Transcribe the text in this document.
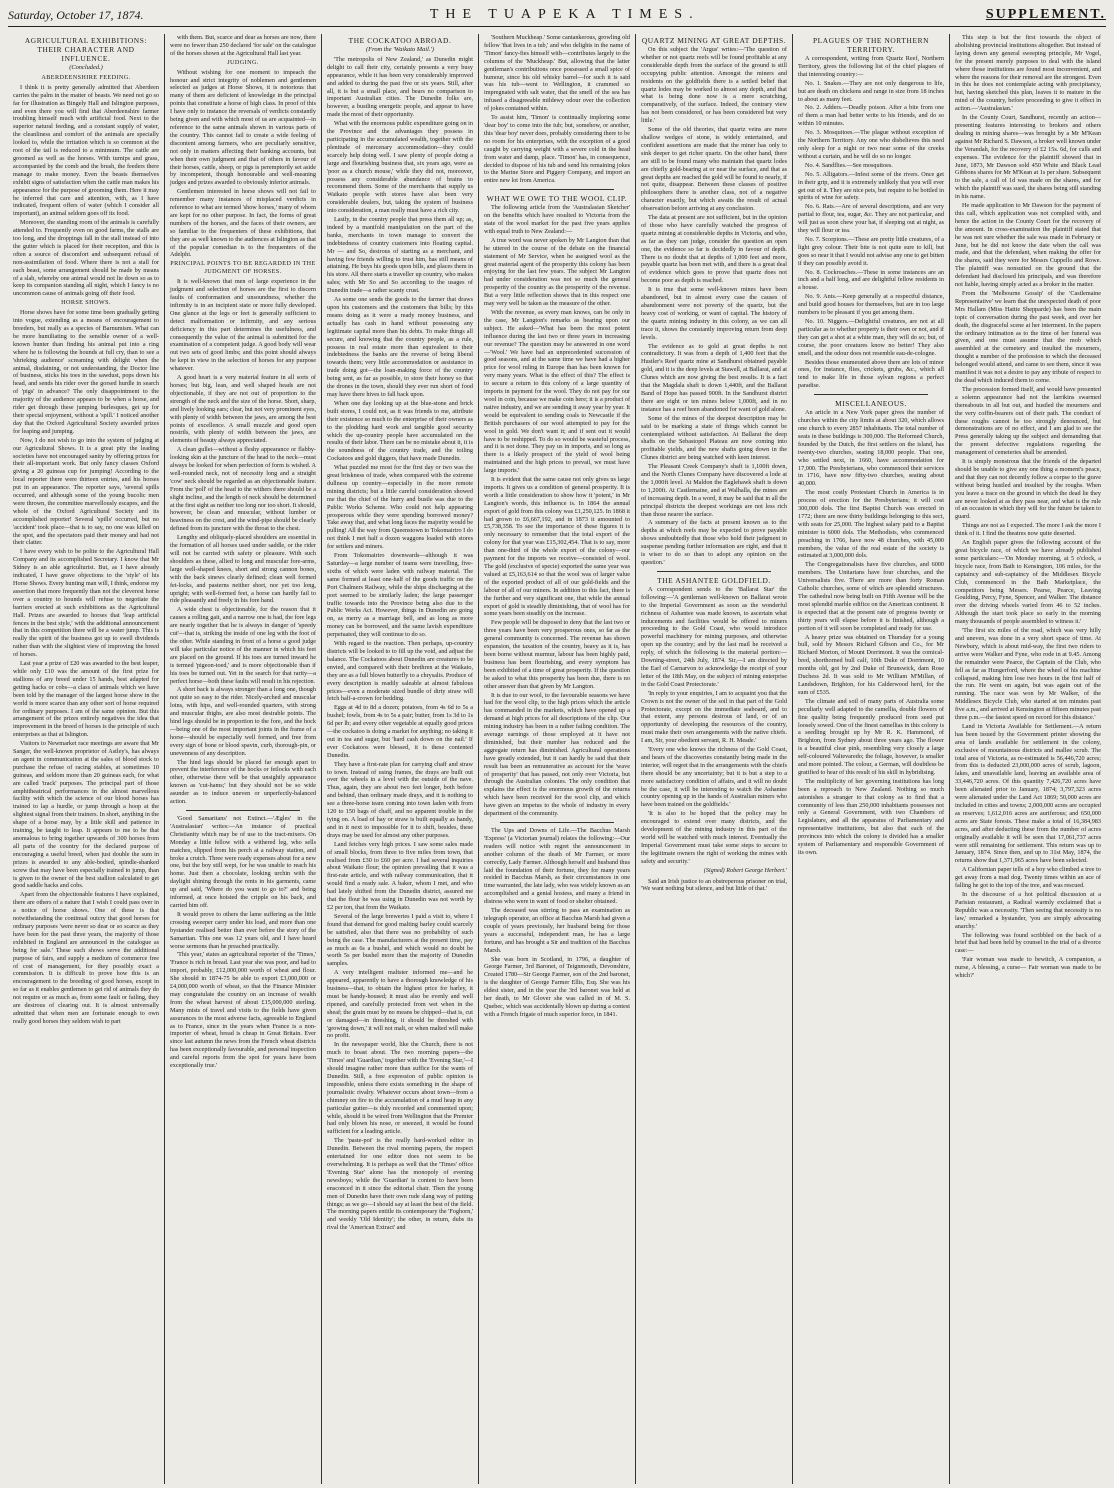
Saturday, October 17, 1874.	THE TUAPEKA TIMES.	SUPPLEMENT.
AGRICULTURAL EXHIBITIONS: THEIR CHARACTER AND INFLUENCE.
(Concluded.)
ABERDEENSHIRE FEEDING.

I think it is pretty generally admitted that Aberdeen carries the palm in the matter of beasts. We need not go so far for illustration as Bingely Hall and Islington purposes, and even there you will find that Aberdeenshire farmer troubling himself much with artificial food. Next to the superior natural feeding, and a constant supply of water, the cleanliness and comfort of the animals are specially looked to, while the irritation which is so common at the root of the tail is reduced to a minimum. The cattle are groomed as well as the horses. With turnips and grass, accompanied by the comb and the brush, the feeders there manage to make money. Even the beasts themselves exhibit signs of satisfaction when the cattle man makes his appearance for the purpose of grooming them. Here it may be inferred that care and attention, with, as I have indicated, frequent offers of water (which I consider all important), an animal seldom goes off its food.

Moreover, the standing room of the animals is carefully attended to. Frequently even on good farms, the stalls are too long, and the droppings fall in the stall instead of into the gutter which is placed for their reception, and this is often a source of discomfort and subsequent refusal of non-assimilation of food. Where there is not a stall for each beast, some arrangement should be made by means of a slab, whereby one animal would not lie down so as to keep its companion standing all night, which I fancy is no uncommon cause of animals going off their food.

HORSE SHOWS.

Horse shows have for some time been gradually getting into vogue, extending as a means of encouragement to breeders, but really as a species of Barnumism. What can be more humiliating to the sensible owner of a well-known hunter than finding his animal put into a ring where he is following the hounds at full cry, than to see a 'shrieking audience' screaming with delight when the animal, disdaining, or not understanding, the Doctor line of business, sticks his toes in the sawdust, pops down his head, and sends his rider over the gorsed hurdle in search of 'pigs' in advance? The only disappointment to the majority of the audience appears to be when a horse, and rider get through these jumping burlesques, get up for their special enjoyment, without a 'spill.' I noticed another day that the Oxford Agricultural Society awarded prizes for leaping and jumping.

Now, I do not wish to go into the system of judging at our Agricultural Shows. It is a great pity the leading societies have not encouraged sanity by offering prizes for their all-important work. But only fancy classes Oxford giving a 20 guineas cup for jumping! According to the local reporter there were thirteen entries, and his horses put in an appearance. The reporter says, 'several spills occurred, and although some of the young bucolic men were thrown, the committee marvellously escapes, and the whole of the Oxford Agricultural Society and its accomplished reporter! Several 'spills' occurred, but no 'accident' took place—that is to say, no one was killed on the spot, and the spectators paid their money and had not their clatter.

I have every wish to be polite to the Agricultural Hall Company and its accomplished Secretary. I know that Mr Sidney is an able agriculturist. But, as I have already indicated, I have grave objections to the 'style' of his Horse Shows. Every hunting man will, I think, endorse my assertion that more frequently than not the cleverest horse over a country to hounds will refuse to negotiate the barriers erected at such exhibitions as the Agricultural Hall. Prizes are awarded to horses that 'leap artificial fences in the best style,' with the additional announcement that in this competition there will be a water jump. This is really the spirit of the business got up to swell dividends rather than with the slightest view of improving the breed of horses.

Last year a prize of £20 was awarded to the best leaper, while only £10 was the amount of the first prize for stallions of any breed under 15 hands, best adapted for getting hacks or cobs—a class of animals which we have been told by the manager of the largest horse show in the world is more scarce than any other sort of horse required for ordinary purposes. I am of the same opinion. But this arrangement of the prizes entirely negatives the idea that improvement in the breed of horses is the principle of such enterprises as that at Islington.

Visitors to Newmarket race meetings are aware that Mr Sanger, the well-known proprietor of Astley's, has always an agent in communication at the sales of blood stock to purchase the refuse of racing stables, at sometimes 10 guineas, and seldom more than 20 guineas each, for what are called 'track' purposes. The principal part of those amphitheatrical performances in the almost marvellous facility with which the science of our blood horses has trained to lap a hurdle, or jump through a hoop at the slightest signal from their trainers. In short, anything in the shape of a horse may, by a little skill and patience in training, be taught to leap. It appears to me to be that anomalous to bring together upwards of 300 horses from all parts of the country for the declared purpose of encouraging a useful breed, when just double the sum in prizes is awarded to any able-bodied, spindle-shanked screw that may have been especially trained to jump, than is given to the owner of the best stallion calculated to get good saddle hacks and cobs.

Apart from the objectionable features I have explained, there are others of a nature that I wish I could pass over in a notice of horse shows. One of these is that notwithstanding the continual outcry that good horses for ordinary purposes 'were never so dear or so scarce as they have been for the past three years, the majority of those exhibited in England are announced in the catalogue as being for sale.' These such shows serve the additional purpose of fairs, and supply a medium of commerce free of cost of management, for they possibly exact a commission. It is difficult to prove how this is an encouragement to the breeding of good horses, except in so far as it enables gentlemen to get rid of animals they do not require or as much as, from some fault or failing, they are desirous of clearing out. It is almost universally admitted that when men are fortunate enough to own really good horses they seldom wish to part

with them. But, scarce and dear as horses are now, there were no fewer than 250 declared 'for sale' on the catalogue of the horses shown at the Agricultural Hall last year.

JUDGING.

Without wishing for one moment to impeach the honour and strict integrity of noblemen and gentlemen selected as judges at Horse Shows, it is notorious that many of them are deficient of knowledge in the principal points that constitute a horse of high class. In proof of this I have only to instance the reversals of verdicts constantly being given and with which most of us are acquainted—in reference to the same animals shown in various parts of the country. This cannot fail to create a wide feeling of discontent among farmers, who are peculiarly sensitive, not only in matters affecting their banking accounts, but when their own judgment and that of others in favour of their horses, cattle, sheep, or pigs is peremptorily set aside by incompetent, though honourable and well-meaning judges and prizes awarded to obviously inferior animals.

Gentlemen interested in horse shows will not fail to remember many instances of misplaced verdicts in reference to what are termed 'show horses,' many of whom are kept for no other purpose. In fact, the forms of great numbers of the horses, and the faces of their owners, are so familiar to the frequenters of these exhibitions, that they are as well known to the audiences at Islington as that of the popular comedian is to the frequenters of the Adelphi.

PRINCIPAL POINTS TO BE REGARDED IN THE JUDGMENT OF HORSES.

It is well-known that men of large experience in the judgment and selection of horses are the first to discern faults of conformation and unsoundness, whether the infirmity is in an incipient state or more fully developed. One glance at the legs or feet is generally sufficient to detect malformation or infirmity, and any serious deficiency in this part determines the usefulness, and consequently the value of the animal is submitted for the examination of a competent judge. A good body will wear out two sets of good limbs; and this point should always be kept in view in the selection of horses for any purpose whatever.

A good heart is a very material feature in all sorts of horses; but big, lean, and well shaped heads are not objectionable, if they are not out of proportion to the strength of the neck and the size of the horse. Short, sharp, and lively looking ears; clear, but not very prominent eyes, with plenty of width between the jaws, are among the best points of excellence. A small muzzle and good open nostrils, with plenty of width between the jaws, are elements of beauty always appreciated.

A clean gullet—without a fleshy appearance or flabby-looking skin at the juncture of the head to the neck—must always be looked for when perfection of form is wished. A well-rounded neck, not of necessity long and a straight 'cow' neck should be regarded as an objectionable feature. From the 'poll' of the head to the withers there should be a slight incline, and the length of neck should be determined at the first sight as neither too long nor too short. It should, however, be clean and muscular, without lumber or heaviness on the crest, and the wind-pipe should be clearly defined from its juncture with the throat to the chest.

Lengthy and obliquely-placed shoulders are essential in the formation of all horses used under saddle, or the rider will not be carried with safety or pleasure. With such shoulders as these, allied to long and muscular fore-arms, large well-shaped knees, short and strong cannon bones, with the back sinews clearly defined; clean well formed fet-locks, and pasterns neither short, nor yet too long, upright; with well-formed feet, a horse can hardly fail to ride pleasantly and freely in his fore hand.

A wide chest is objectionable, for the reason that it causes a rolling gait, and a narrow one is bad, the fore legs are nearly together that he is always in danger of 'speedy cut'—that is, striking the inside of one leg with the foot of the other. While standing in front of a horse a good judge will take particular notice of the manner in which his feet are placed on the ground. If his toes are turned inward he is termed 'pigeon-toed,' and is more objectionable than if his toes be turned out. Yet in the search for that rarity—a perfect horse—both these faults will result in his rejection.

A short back is always stronger than a long one, though not quite so easy to the rider. Nicely-arched and muscular loins, with hips, and well-rounded quarters, with strong and muscular thighs, are also most desirable points. The hind legs should be in proportion to the fore, and the hock—being one of the most important joints in the frame of a horse—should be especially well formed, and free from every sign of bone or blood spavin, curb, thorough-pin, or unevenness of any description.

The hind legs should be placed far enough apart to prevent the interference of the hocks or fetlocks with each other, otherwise there will be that unsightly appearance known as 'cut-hams;' but they should not be so wide asunder as to induce uneven or unperfectly-balanced action.

'Good Samaritans' not Extinct.—'Ægles' in the 'Australasian' writes:—An instance of practical Christianity which may be of use to the tract-mixers. On Monday a little fellow with a withered leg, who sells matches, slipped from his perch at a railway station, and broke a crutch. Three were ready expenses about for a new one, but the boy still wept, for he was unable to reach his home. Just then a chocolate, looking urchin with the daylight shining through the rents in his garments, came up and said, 'Where do you want to go to?' and being informed, at once hoisted the cripple on his back, and carried him off.

It would prove to others the lame suffering as the little crossing sweeper carry under his load, and more than one bystander realised better than ever before the story of the Samaritan. This one was 12 years old, and I have heard worse sermons than he preached practically.

'This year,' states an agricultural reporter of the 'Times,' 'France is rich in bread. Last year she was poor, and had to import, probably, £12,000,000 worth of wheat and flour. She should in 1874-75 be able to export £3,000,000 or £4,000,000 worth of wheat, so that the Finance Minister may congratulate the country on an increase of wealth from the wheat harvest of about £15,000,000 sterling. Many mists of travel and visits to the fields have given assurances to the most adverse facts, agreeable to England as to France, since in the years when France is a non-importer of wheat, bread is cheap in Great Britain. Ever since last autumn the news from the French wheat districts has been exceptionally favourable, and personal inspection and careful reports from the spot for years have been exceptionally true.'

THE COCKATOO ABROAD.
(From the 'Waikato Mail.')

'The metropolis of New Zealand,' as Dunedin might delight to call their city, certainly presents a very busy appearance, while it has been very considerably improved and added to during the past five or six years. Still, after all, it is but a small place, and bears no comparison to important Australian cities. The Dunedin folks are, however, a bustling energetic people, and appear to have made the most of their opportunity.

What with the enormous public expenditure going on in the Province and the advantages they possess in participating in the accumulated wealth, together with the plenitude of mercenary accommodation—they could scarcely help doing well. I saw plenty of people doing a large and flourishing business that, six years ago, were as 'poor as a church mouse,' while they did not, moreover, possess any considerable abundance of brains to recommend them. Some of the merchants that supply us Waikato people with stores have also been very considerable dealers, but, taking the system of business into consideration, a man really must have a rich city.

Lastly, in the country people that press them all up; as, indeed by a manifold manipulation on the part of the banks, merchants in town manage to convert the indebtedness of country customers into floating capital. Mr — and So, desirous of starting as a merchant, and having few friends willing to trust him, has still means of attaining. He buys his goods upon bills, and places them in his store. All there starts a traveller up country, who makes sales; with Mr So and So according to the usages of Dunedin trade—a rather scanty crust.

As some one sends the goods to the farmer that draws upon his customers and the customers that bills; by this means doing as it were a ready money business, and actually has cash in hand without possessing any legitimate capital more than his debts. To make things all secure, and knowing that the country people, as a rule, possess in real estate more than equivalent to their indebtedness the banks are the reverse of being liberal towards them; very little accommodation or assistance in trade doing got—the loan-making force of the country being sent, as far as possible, to store their honey so that the drones in the town, should they ever run short of food may have there hives to fall back upon.

When one day looking up at the blue-stone and brick built stores, I could not, as it was friends to me, attribute their existence so much to the enterprise of their owners as to the plodding hard work and tangible good security which the up-country people have accumulated on the results of their labor. There can be no mistake about it, it is the soundness of the country trade, and the toiling Cockatoos and gold diggers, that have made Dunedin.

What puzzled me most for the first day or two was the great briskness of trade, when compared with the extreme dullness up country—especially in the more remote mining districts; but a little careful consideration showed me that the chief of the hurry and bustle was due to the Public Works Scheme. Who could not help appearing prosperous while they were spending borrowed money? Take away that, and what long faces the majority would be pulling! All the way from Queenstown to Tokomairiro I do not think I met half a dozen waggons loaded with stores for settlers and miners.

From Tokomairiro downwards—although it was Saturday—a large number of teams were travelling, five-sixths of which were laden with railway material. The same formed at least one-half of the goods traffic on the Port Chalmers Railway, while the ships discharging at the port seemed to be similarly laden; the large passenger traffic towards into the Province being also due to the Public Works Act. However, things in Dunedin are going on, as merry as a marriage bell, and as long as more money can be borrowed, and the same lavish expenditure perpetuated, they will continue to do so.

With regard to the reaction. Then perhaps, up-country districts will be looked to to fill up the void, and adjust the balance. The Cockatoos about Dunedin are creatures to be envied, and compared with their brethren at the Waikato, they are as a full blown butterfly to a chrysalis. Produce of every description is readily saleable at almost fabulous prices—even a moderate sized bundle of dirty straw will fetch half-a-crown for bedding.

Eggs at 4d to 8d a dozen; potatoes, from 4s 6d to 5s a bushel; fowls, from 4s to 5s a pair; butter, from 1s 3d to 1s 6d per lb; and every other vegetable at equally good prices—the cockatoo is doing a market for anything; no taking it out in tea and sugar, but 'hard cash down on the nail.' If ever Cockatoos were blessed, it is these contented Dunedin.

They have a first-rate plan for carrying chaff and straw to town. Instead of using frames, the drays are built out over the wheels in a level with the outside of the nave. Thus, again, they are about two feet longer, both before and behind, than ordinary made drays, and it is nothing to see a three-horse team coming into town laden with from 120 to 150 bags of chaff, and no apparent trouble in the tying on. A load of hay or straw is built equally as handy, and in it next to impossible for it to shift, besides, these drays may be used for almost any other purposes.

Land fetches very high prices. I saw some sales made of small blocks, from three to five miles from town, that realised from £30 to £60 per acre. I had several inquiries about Waikato flour; the opinion prevailing that it was a first-rate article, and with railway communication, that it would find a ready sale. A baker, whom I met, and who had lately shifted from the Dunedin district, assured me that the flour he was using in Dunedin was not worth by £2 per ton, that from the Waikato.

Several of the large breweries I paid a visit to, where I found that demand for good malting barley could scarcely be satisfied, also that there was no probability of such being the case. The manufacturers at the present time, pay as much as 6s a bushel, and which would no doubt be worth 5s per bushel more than the majority of Dunedin samples.

A very intelligent maltster informed me—and he appeared, apparently to have a thorough knowledge of his business—that, to obtain the highest price for barley, it must be handy-housed; it must also be evenly and well ripened, and carefully protected from wet when in the sheaf; the grain must by no means be chipped—that is, cut or damaged—in threshing, it should be threshed with 'growing down,' it will not malt, or when malted will make no profit.

In the newspaper world, like the Church, there is not much to boast about. The two morning papers—the 'Times' and 'Guardian,' together with the 'Evening Star,'—I should imagine rather more than suffice for the wants of Dunedin. Still, a free expression of public opinion is impossible, unless there exists something in the shape of journalistic rivalry. Whatever occurs about town—from a chimney on fire to the accumulation of a mud heap in any particular gutter—is duly recorded and commented upon; while, should it be wired from Wellington that the Premier had only blown his nose, or sneezed, it would be found sufficient for a leading article.

The 'paste-pot' is the really hard-worked editor in Dunedin. Between the rival morning papers, the respect entertained for one editor does not seem to be overwhelming. It is perhaps as well that the 'Times' office 'Evening Star' alone has the monopoly of evening newsboys; while the 'Guardian' is content to have been ensconced in it since the editorial chair. Then the young men of Dunedin have their own rude slang way of putting things; as we go—I should say at least the best of the field. The morning papers entitle its contemporary the 'Foghorn,' and weekly 'Old Identity'; the other, in return, dubs its rival the 'American Extract' and

'Southern Muckheap.' Some cantankerous, growling old fellow 'that lives in a tub,' and who delights in the name of 'Timon' fancy-fies himself with—contributes largely to the columns of the 'Muckheap.' But, allowing that the latter gentleman's contributions once possessed a small spice of humour, since his old whisky barrel—for such it is said was his tub—went to Wellington, it crammed so impregnated with salt water, that the smell of the sea has infused a disagreeable mildewy odour over the collection of jokes contained within.

To assist him, 'Timon' is continually imploring some 'dear boy' to come into the tub; but, somehow, or another, this 'dear boy' never does, probably considering there to be no room for his enterprises, with the exception of a good caught by carrying weight with a severe cold in the head from water and damp, place. 'Timon' has, in consequence, decided to dispose of his tub and send his remaining jokes to the Marine Store and Piggery Company, and import an entire new lot from America.

WHAT WE OWE TO THE WOOL CLIP.

The following article from the 'Australasian Sketcher' on the benefits which have resulted to Victoria from the state of the wool market for the past five years applies with equal truth to New Zealand:—

A true word was never spoken by Mr Langton than that he uttered in the course of the debate on the financial statement of Mr Service, when he assigned wool as the great material agent of the prosperity this colony has been enjoying for the last few years. The subject Mr Langton had under consideration was not so much the general prosperity of the country as the prosperity of the revenue. But a very little reflection shows that in this respect one may very well be taken as the measure of the other.

With the revenue, as every man knows, can be only in the case, Mr Langton's remarks as bearing upon our subject. He asked—'What has been the most potent influence during the last two or three years in increasing our revenue? The question may be answered in one word—'Wool.' We have had an unprecedented succession of good seasons, and at the same time we have had a higher price for wool ruling in Europe than has been known for very many years. What is the effect of this? The effect is to secure a return to this colony of a large quantity of imports in payment for the wool. They do not pay for our wool in coin, because we make coin here; it is a product of native industry, and we are sending it away year by year. It would be equivalent to sending coals to Newcastle if the British purchasers of our wool attempted to pay for the wool in gold. We don't want it; and if sent out it would have to be reshipped. To do so would be wasteful process, and it is not done. They pay us in imports, and so long as there is a likely prospect of the yield of wool being maintained and the high prices to prevail, we must have large imports.'

It is evident that the same cause not only gives us large imports. It gives us a condition of general prosperity. It is worth a little consideration to show how it 'potent,' in Mr Langton's words, this influence is. In 1864 the annual export of gold from this colony was £1,250,125. In 1868 it had grown to £6,667,192, and in 1873 it amounted to £5,738,358. To see the importance of these figures it is only necessary to remember that the total export of the colony for that year was £15,302,454. That is to say, more than one-third of the whole export of the colony—our payment for the imports we receive—consisted of wool. The gold (exclusive of specie) exported the same year was valued at £5,163,614 so that the wool was of larger value of the exported product of all of our gold-fields and the labour of all of our miners. In addition to this fact, there is the further and very significant one, that while the annual export of gold is steadily diminishing, that of wool has for some years been steadily on the increase.

Few people will be disposed to deny that the last two or three years have been very prosperous ones, so far as the general community is concerned. The revenue has shown expansion, the taxation of the country, heavy as it is, has been borne without murmur, labour has been highly paid, business has been flourishing, and every symptom has been exhibited of a time of great prosperity. If the question be asked to what this prosperity has been due, there is no other answer than that given by Mr Langton.

It is due to our wool, to the favourable seasons we have had for the wool clip, to the high prices which the article has commanded in the markets, which have opened up a demand at high prices for all descriptions of the clip. Our mining industry has been in a rather failing condition. The average earnings of those employed at it have not diminished, but their number has reduced and the aggregate return has diminished. Agricultural operations have greatly extended, but it can hardly be said that their result has been an remunerative as account for the 'wave of prosperity' that has passed, not only over Victoria, but through the Australian colonies. The only condition that explains the effect is the enormous growth of the returns which have been received for the wool clip, and which have given an impetus to the whole of industry in every department of the community.

The Ups and Downs of Life.—The Bacchus Marsh 'Express' (a Victorian journal) relates the following:—Our readers will notice with regret the announcement in another column of the death of Mr Farmer, or more correctly, Lady Farmer. Although herself and husband thus laid the foundation of their fortune, they for many years resided in Bacchus Marsh, as their circumstances in one time warranted, the late lady, who was widely known as an accomplished and a genial hostess, and many a friend in distress who were in want of food or shelter obtained.

The deceased was stirring to pass an examination as telegraph operator, an office at Bacchus Marsh had given a couple of years previously, her husband being for those years a successful, independent man, he has a large fortune, and has brought a Sir and tradition of the Bacchus Marsh.

She was born in Scotland, in 1796, a daughter of George Farmer, 3rd Baronet, of Teignmouth, Devonshire, Created 1780—Sir George Farmer, son of the 2nd baronet, is the daughter of George Farmer Ellis, Esq. She was his eldest sister, and in the year the 3rd baronet was held at her death, to Mr Glover she was called in of M. S. Quebec, which was accidentally blown up during a contest with a French frigate of much superior force, in 1841.

QUARTZ MINING AT GREAT DEPTHS.

On this subject the 'Argus' writes:—'The question of whether or not quartz reefs will be found profitable at any considerable depth from the surface of the ground is still occupying public attention. Amongst the miners and residents on the goldfields there is a settled belief that quartz lodes may be worked to almost any depth, and that what is being done now is a mere scratching, comparatively, of the surface. Indeed, the contrary view has not been considered, or has been considered but very little.'

Some of the old theories, that quartz veins are mere shallow wedges of stone, is widely entertained, and confident assertions are made that the miner has only to sink deeper to get richer quartz. On the other hand, there are still to be found many who maintain that quartz lodes are chiefly gold-bearing at or near the surface, and that as great depths are reached the gold will be found to nearly, if not quite, disappear. Between these classes of positive philosophers there is another class, not of a negative character exactly, but which awaits the result of actual observation before arriving at any conclusion.

The data at present are not sufficient, but in the opinion of those who have carefully watched the progress of quartz mining at considerable depths in Victoria, and who, as far as they can judge, consider the question an open one, the evidence so far is decidedly in favour of depth. There is no doubt that at depths of 1,000 feet and more, payable quartz has been met with, and there is a great deal of evidence which goes to prove that quartz does not become poor as depth is reached.

It is true that some well-known mines have been abandoned, but in almost every case the causes of abandonment were not poverty of the quartz, but the heavy cost of working, or want of capital. The history of the quartz mining industry in this colony, as we can all trace it, shows the constantly improving return from deep levels.

The evidence as to gold at great depths is not contradictory. It was from a depth of 1,400 feet that the Hustler's Reef quartz mine at Sandhurst obtained payable gold, and it is the deep levels at Stawell, at Ballarat, and at Clunes which are now giving the best results. It is a fact that the Magdala shaft is down 1,440ft, and the Ballarat Band of Hope has passed 900ft. In the Sandhurst district there are eight or ten mines below 1,000ft, and in no instance has a reef been abandoned for want of gold alone.

Some of the mines of the deepest description may be said to be marking a state of things which cannot be contemplated without satisfaction. At Ballarat the deep shafts on the Sebastopol Plateau are now coming into profitable yields, and the new shafts going down in the Clunes district are being watched with keen interest.

The Pleasant Creek Company's shaft is 1,100ft down, and the North Clunes Company have discovered a lode at the 1,000ft level. At Maldon the Eaglehawk shaft is down to 1,200ft. At Castlemaine, and at Walhalla, the mines are of increasing depth. In a word, it may be said that in all the principal districts the deepest workings are not less rich than those nearer the surface.

A summary of the facts at present known as to the depths at which reefs may be expected to prove payable shows undoubtedly that those who hold their judgment in suspense pending further information are right, and that it is wiser to do so than to adopt any opinion on the question.'

THE ASHANTEE GOLDFIELD.

A correspondent sends to the 'Ballarat Star' the following:—'A gentleman well-known on Ballarat wrote to the Imperial Government as soon as the wonderful richness of Ashantee was made known, to ascertain what inducements and facilities would be offered to miners proceeding to the Gold Coast, who would introduce powerful machinery for mining purposes, and otherwise open up the country; and by the last mail he received a reply, of which the following is the material portion:—Downing-street, 24th July, 1874. Sir,—I am directed by the Earl of Carnarvon to acknowledge the receipt of your letter of the 18th May, on the subject of mining enterprise in the Gold Coast Protectorate.'

'In reply to your enquiries, I am to acquaint you that the Crown is not the owner of the soil in that part of the Gold Protectorate, except on the immediate seaboard, and to that extent, any persons desirous of land, or of an opportunity of developing the resources of the country, must make their own arrangements with the native chiefs. I am, Sir, your obedient servant, R. H. Meade.'

'Every one who knows the richness of the Gold Coast, and hears of the discoveries constantly being made in the interior, will regret that in the arrangements with the chiefs there should be any uncertainty; but it is but a step to a more satisfactory condition of affairs, and it will no doubt be the case, it will be interesting to watch the Ashantee country opening up in the hands of Australian miners who have been trained on the goldfields.'

'It is also to be hoped that the policy may be encouraged to extend over many districts, and the development of the mining industry in this part of the world will be watched with much interest. Eventually the Imperial Government must take some steps to secure to the legitimate owners the right of working the mines with safety and security.'

(Signed) Robert George Herbert.'

Said an Irish justice to an obstreperous prisoner on trial, 'We want nothing but silence, and but little of that.'

PLAGUES OF THE NORTHERN TERRITORY.

A correspondent, writing from Quartz Reef, Northern Territory, gives the following list of the chief plagues of that interesting country:—

No. 1. Snakes.—They are not only dangerous to life, but are death on chickens and range in size from 18 inches to about as many feet.

No. 2. Adders.—Deadly poison. After a bite from one of them a man had better write to his friends, and do so within 10 minutes.

No. 3. Mosquitoes.—The plague without exception of the Northern Territory. Any one who disbelieves this need only sleep for a night or two near some of the creeks without a curtain, and he will do so no longer.

No. 4. Sandflies.—See mosquitoes.

No. 5. Alligators.—Infest some of the rivers. Once get in their grip, and it is extremely unlikely that you will ever get out of it. They are nice pets, but require to be bottled in spirits of wine for safety.

No. 6. Rats.—Are of several descriptions, and are very partial to flour, tea, sugar, &c. They are not particular, and will just as soon chew your hat, if sleeping out at night, as they will flour or tea.

No. 7. Scorpions.—These are pretty little creatures, of a light grey colour. Their bite is not quite sure to kill, but goes so near it that I would not advise any one to get bitten if they can possibly avoid it.

No. 8. Cockroaches.—These in some instances are an inch and a half long, and are delightful fellow residents in a house.

No. 9. Ants.—Keep generally at a respectful distance, and build good houses for themselves, but are in too large numbers to be pleasant if you get among them.

No. 10. Niggers.—Delightful creatures, are not at all particular as to whether property is their own or not, and if they can get a shot at a white man, they will do so; but, of course, the poor creatures know no better! They also smell, and the odour does not resemble eau-de-cologne.

Besides those enumerated above there are lots of minor ones, for instance, flies, crickets, grubs, &c., which all tend to make life in those sylvan regions a perfect paradise.

MISCELLANEOUS.

An article in a New York paper gives the number of churches within the city limits at about 320, which allows one church to every 2857 inhabitants. The total number of seats in these buildings is 300,000. The Reformed Church, founded by the Dutch, the first settlers on the island, has twenty-two churches, seating 18,000 people. That one, who settled next, in 1660, have accommodation for 17,000. The Presbyterians, who commenced their services in 1716, have now fifty-two churches, seating about 40,000.

The most costly Protestant Church in America is in process of erection for the Presbyterians; it will cost 300,000 dols. The first Baptist Church was erected in 1772; there are now thirty buildings belonging to this sect, with seats for 25,000. The highest salary paid to a Baptist minister is 6000 dols. The Methodists, who commenced preaching in 1766, have now 48 churches, with 45,000 members, the value of the real estate of the society is estimated at 3,000,000 dols.

The Congregationalists have five churches, and 6000 members. The Unitarians have four churches, and the Universalists five. There are more than forty Roman Catholic churches, some of which are splendid structures. The cathedral now being built on Fifth Avenue will be the most splendid marble edifice on the American continent. It is expected that at the present rate of progress twenty or thirty years will elapse before it is finished, although a portion of it will soon be completed and ready for use.

A heavy prize was obtained on Thursday for a young bull, sold by Messrs Richard Gibson and Co., for Mr Richard Morton, of Mount Dorrimont. It was the comical-bred, shorthorned bull calf, 10th Duke of Dorrimont, 10 months old, got by 2nd Duke of Brunswick, dam Rose Duchess 2d. It was sold to Mr William M'Millan, of Landsdown, Brighton, for his Calderwood herd, for the sum of £535.

The climate and soil of many parts of Australia some peculiarly well adapted to the camellia, double flowers of fine quality being frequently produced from seed put loosely sowed. One of the finest camellias in this colony is a seedling brought up by Mr R. K. Hammond, of Brighton, from Sydney about three years ago. The flower is a beautiful clear pink, resembling very closely a large self-coloured Valtevaredo; the foliage, however, is smaller and more pointed. The colour, a German, will doubtless be gratified to hear of this result of his skill in hybridising.

The multiplicity of her governing institutions has long been a reproach to New Zealand. Nothing so much astonishes a stranger to that colony as to find that a community of less than 250,000 inhabitants possesses not only a General Government, with two Chambers of Legislature, and all the apparatus of Parliamentary and representative institutions, but also that each of the provinces into which the colony is divided has a smaller system of Parliamentary and responsible Government of its own.

This step is but the first towards the object of abolishing provincial institutions altogether. But instead of laying down any general sweeping principle, Mr Vogel, for the present merely purposes to deal with the island where those institutions are found most inconvenient, and where the reasons for their removal are the strongest. Even in this he does not contemplate acting with precipitancy, but, having sketched this plan, leaves it to mature in the mind of the country, before proceeding to give it effect in action.—'Australasian.'

In the County Court, Sandhurst, recently an action—presenting features interesting to brokers and others dealing in mining shares—was brought by a Mr M'Kean against Mr Richard S. Dawson, a broker well known under the Verandah, for the recovery of £2 15s. 6d, for calls and expenses. The evidence for the plaintiff showed that in June, 1873, Mr Dawson sold 450 White and Black Lead Gibbons shares for Mr M'Kean at 1s per share. Subsequent to the sale, a call of 1d was made on the shares, and for which the plaintiff was sued, the shares being still standing in his name.

He made application to Mr Dawson for the payment of this call, which application was not complied with, and hence the action in the County Court for the recovery of the amount. In cross-examination the plaintiff stated that he was not sure whether the sale was made in February or June, but he did not know the date when the call was made, and that the defendant, when making the offer for the shares, said they were for Messrs Cuppello and Rowe. The plaintiff was nonsuited on the ground that the defendant had disclosed his principals, and was therefore not liable, having simply acted as a broker in the matter.

From the 'Melbourne Gossip' of the 'Castlemaine Representative' we learn that the unexpected death of poor Mrs Hallam (Miss Hattie Shepparde) has been the main topic of conversation during the past week, and over her death, the disgraceful scene at her interment. In the papers the ordinary intimation as to the time of her funeral was given, and one must assume that the mob which assembled at the cemetery and insulted the mourners, thought a number of the profession to which the deceased belonged would attend, and came to see them, since it was manifest it was not a desire to pay any tribute of respect to the dead which induced them to come.

The procession formed itself, and would have presented a solemn appearance had not the larrikins swarmed thereabouts in all but out, and hustled the mourners and the very coffin-bearers out of their path. The conduct of these roughs cannot be too strongly denounced, but demonstrations are of no effect, and I am glad to see the Press generally taking up the subject and demanding that the present defective regulations regarding the management of cemeteries shall be amended.

It is simply monstrous that the friends of the departed should be unable to give any one thing a moment's peace, and that they can not decently follow a corpse to the grave without being hustled and insulted by the roughs. When you leave a trace on the ground in which the dead lie they are never looked at as they pass near, and what is the rule of an occasion in which they will for the future be taken to guard.

Things are not as I expected. The more I ask the more I think of it. I find the theatres now quite deserted.

An English paper gives the following account of the great bicycle race, of which we have already published some particulars:—'On Monday morning, at 5 o'clock, a bicycle race, from Bath to Kensington, 106 miles, for the captaincy and sub-captaincy of the Middlesex Bicycle Club, commenced in the Bath Marketplace, the competitors being Messrs. Pearse, Pearce, Leaving Goulding, Percy, Fyne, Spencer, and Walker. The distance over the driving wheels varied from 46 to 52 inches. Although the start took place so early in the morning many thousands of people assembled to witness it.'

'The first six miles of the road, which was very hilly and uneven, was done in a very short space of time. At Newbury, which is about mid-way, the first two riders to arrive were Walker and Fyne, who rode in at 9.45. Among the remainder were Pearce, the Captain of the Club, who fell as far as Hungerford, where the wheel of his machine collapsed, making him lose two hours in the first half of the run. He went on again, but was again out of the running. The race was won by Mr Walker, of the Middlesex Bicycle Club, who started at ten minutes past five a.m., and arrived at Kensington at fifteen minutes past three p.m.—the fastest speed on record for this distance.'

Land in Victoria Available for Settlement.—A return has been issued by the Government printer showing the area of lands available for settlement in the colony, exclusive of mountainous districts and mallee scrub. The total area of Victoria, as re-estimated is 56,446,720 acres; from this is deducted 23,000,000 acres of scrub, lagoon, lakes, and unavailable land, leaving an available area of 33,446,720 acres. Of this quantity 7,426,720 acres have been alienated prior to January, 1874; 3,797,323 acres were alienated under the Land Act 1869; 50,000 acres are included in cities and towns; 2,000,000 acres are occupied as reserves; 1,612,016 acres are auriferous; and 650,000 acres are State forests. These make a total of 16,384,983 acres, and after deducting these from the number of acres originally available it will be seen that 17,061,737 acres were still remaining for settlement. This return was up to January, 1874. Since then, and up to 31st May, 1874, the returns show that 1,371,965 acres have been selected.

A Californian paper tells of a boy who climbed a tree to get away from a mad dog. Twenty times within an ace of falling he got to the top of the tree, and was rescued.

In the discourse of a hot political discussion at a Parisian restaurant, a Radical warmly exclaimed that a Republic was a necessity. 'Then seeing that necessity is no law,' remarked a bystander, 'you are simply advocating anarchy.'

The following was found scribbled on the back of a brief that had been held by counsel in the trial of a divorce case:—

'Fair woman was made to bewitch, A companion, a nurse, A blessing, a curse— Fair woman was made to be which?'
